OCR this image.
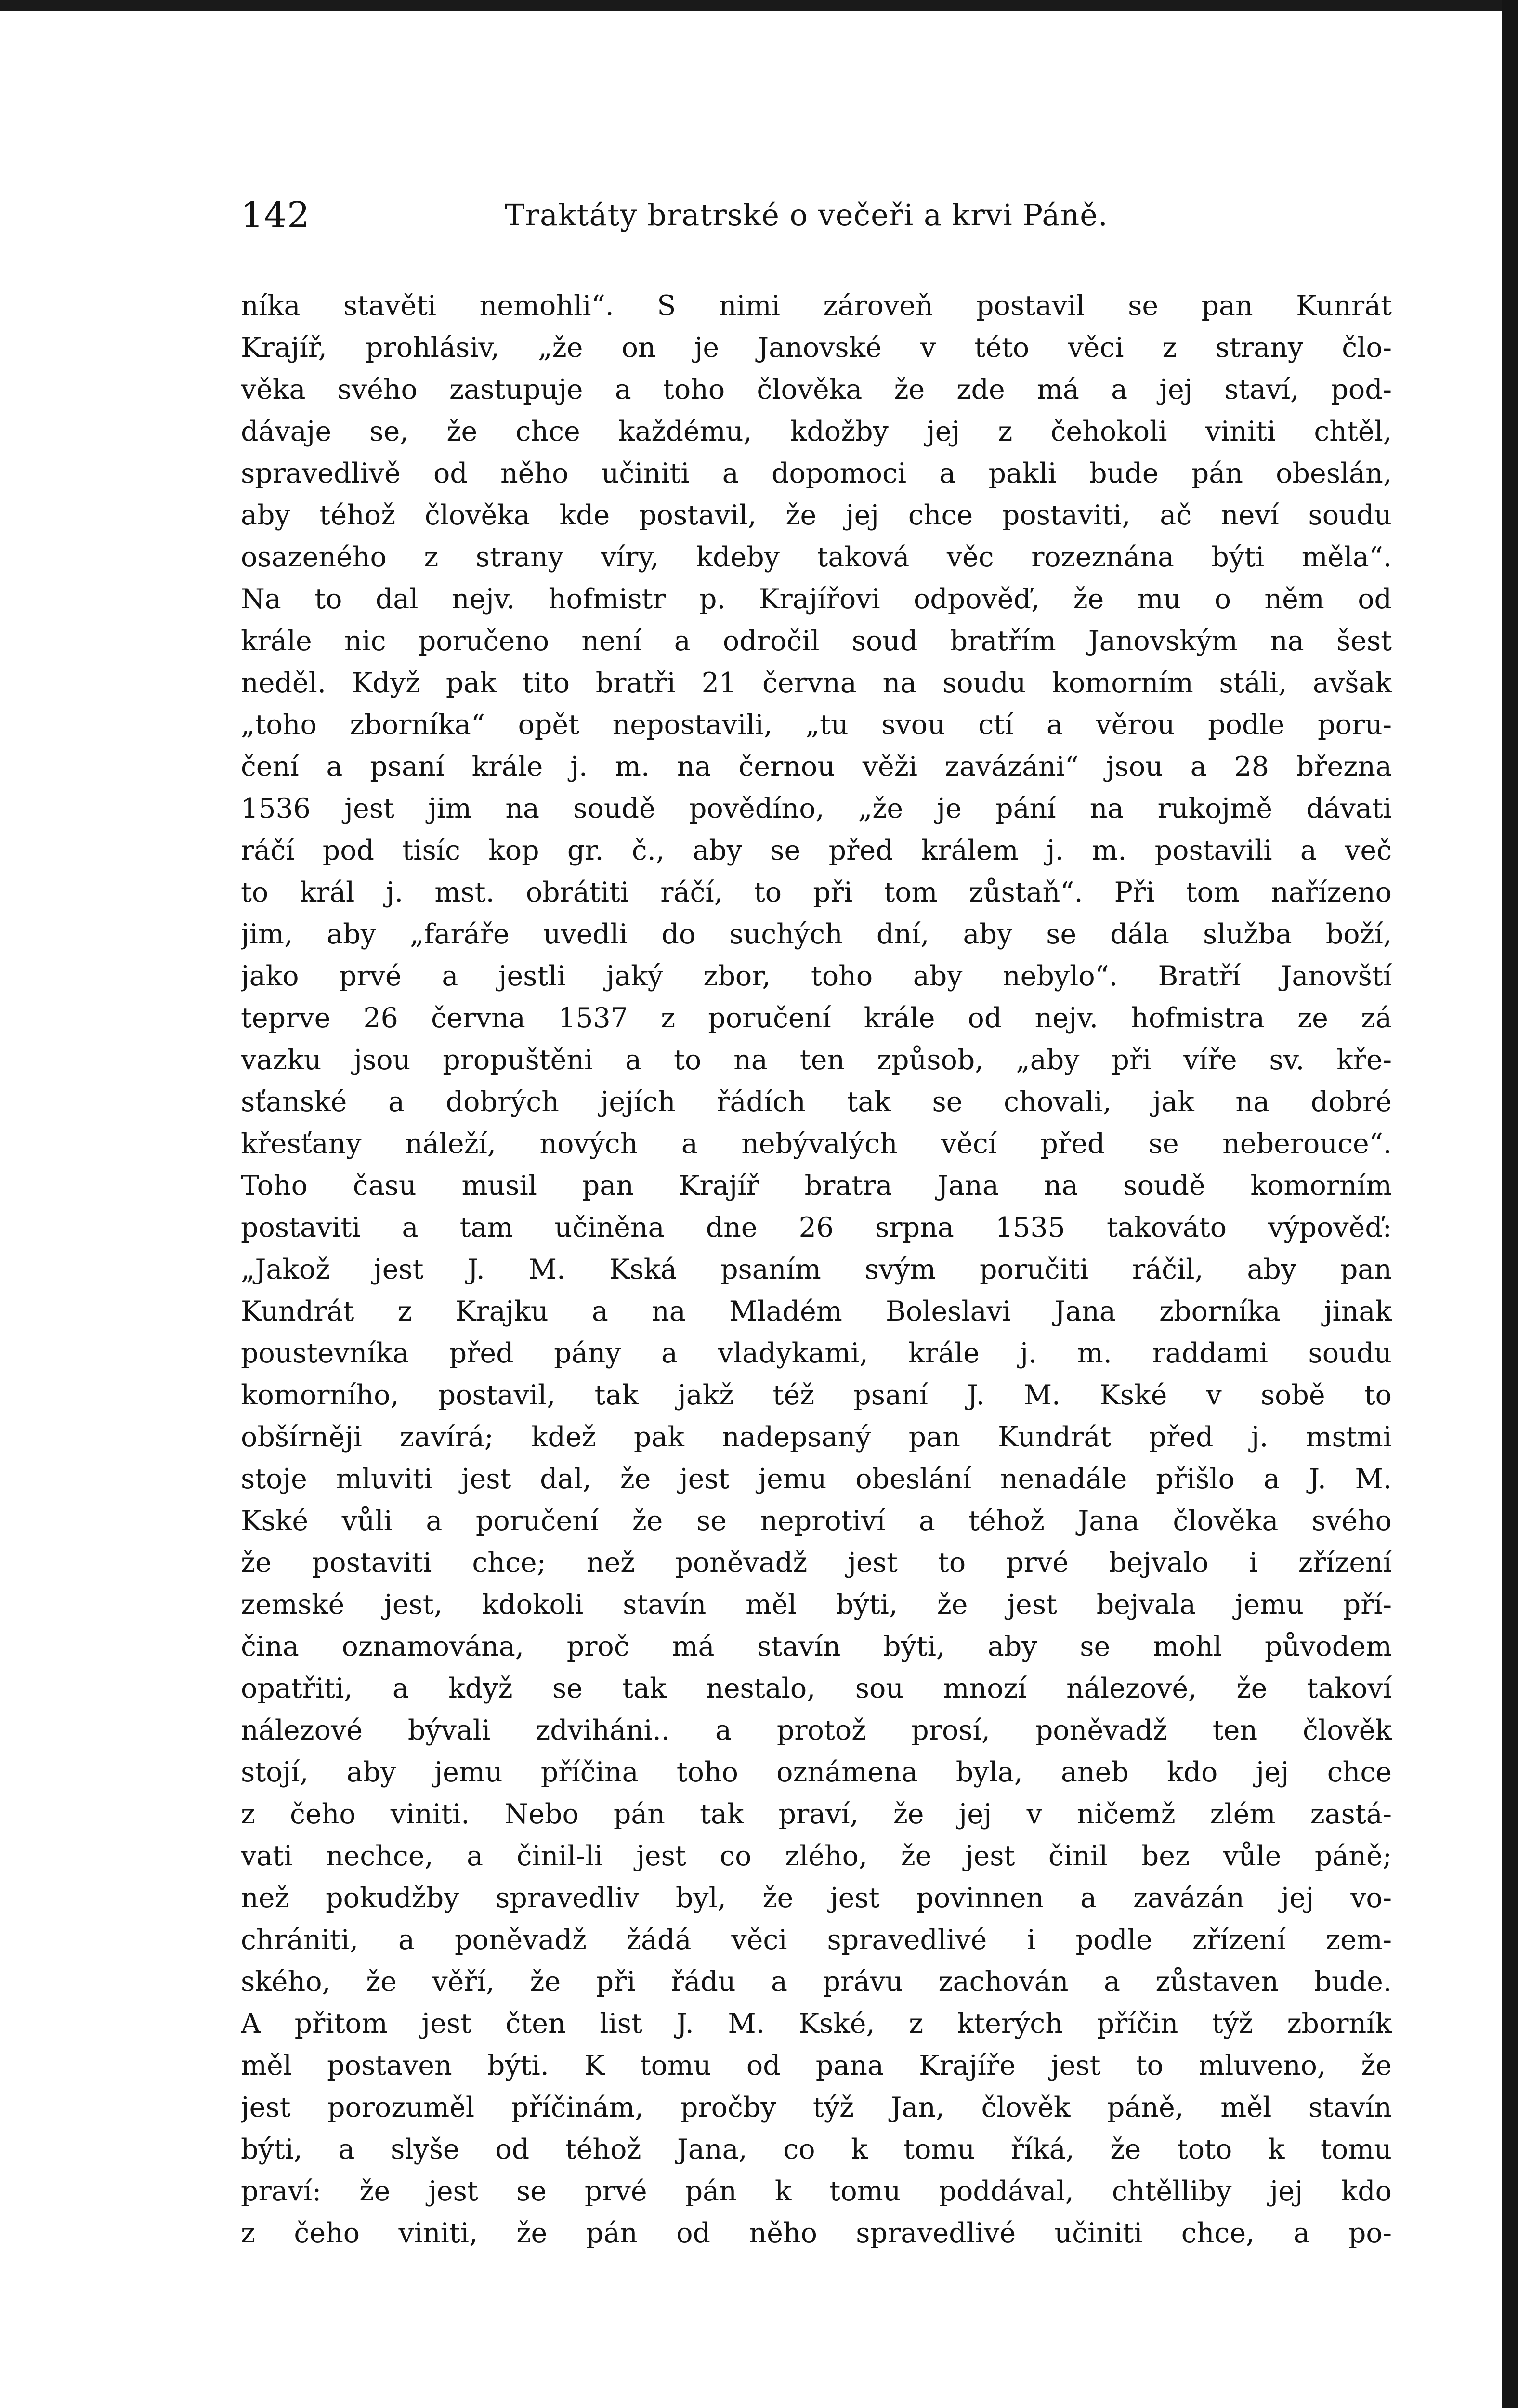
142	Traktáty bratrské o večeři a krvi Páně.
níka stavěti nemohli“. S nimi zároveň postavil se pan Kunrát
Krajíř, prohlásiv, „že on je Janovské v této věci z strany člo-
věka svého zastupuje a toho člověka že zde má a jej staví, pod-
dávaje se, že chce každému, kdožby jej z čehokoli viniti chtěl,
spravedlivě od něho učiniti a dopomoci a pakli bude pán obeslán,
aby téhož člověka kde postavil, že jej chce postaviti, ač neví soudu
osazeného z strany víry, kdeby taková věc rozeznána býti měla“.
Na to dal nejv. hofmistr p. Krajířovi odpověď, že mu o něm od
krále nic poručeno není a odročil soud bratřím Janovským na šest
neděl. Když pak tito bratři 21 června na soudu komorním stáli, avšak
„toho zborníka“ opět nepostavili, „tu svou ctí a věrou podle poru-
čení a psaní krále j. m. na černou věži zavázáni“ jsou a 28 března
1536 jest jim na soudě povědíno, „že je pání na rukojmě dávati
ráčí pod tisíc kop gr. č., aby se před králem j. m. postavili a več
to král j. mst. obrátiti ráčí, to při tom zůstaň“. Při tom nařízeno
jim, aby „faráře uvedli do suchých dní, aby se dála služba boží,
jako prvé a jestli jaký zbor, toho aby nebylo“. Bratří Janovští
teprve 26 června 1537 z poručení krále od nejv. hofmistra ze zá
vazku jsou propuštěni a to na ten způsob, „aby při víře sv. kře-
sťanské a dobrých jejích řádích tak se chovali, jak na dobré
křesťany náleží, nových a nebývalých věcí před se neberouce“.
Toho času musil pan Krajíř bratra Jana na soudě komorním
postaviti a tam učiněna dne 26 srpna 1535 takováto výpověď:
„Jakož jest J. M. Kská psaním svým poručiti ráčil, aby pan
Kundrát z Krajku a na Mladém Boleslavi Jana zborníka jinak
poustevníka před pány a vladykami, krále j. m. raddami soudu
komorního, postavil, tak jakž též psaní J. M. Kské v sobě to
obšírněji zavírá; kdež pak nadepsaný pan Kundrát před j. mstmi
stoje mluviti jest dal, že jest jemu obeslání nenadále přišlo a J. M.
Kské vůli a poručení že se neprotiví a téhož Jana člověka svého
že postaviti chce; než poněvadž jest to prvé bejvalo i zřízení
zemské jest, kdokoli stavín měl býti, že jest bejvala jemu pří-
čina oznamována, proč má stavín býti, aby se mohl původem
opatřiti, a když se tak nestalo, sou mnozí nálezové, že takoví
nálezové bývali zdviháni.. a protož prosí, poněvadž ten člověk
stojí, aby jemu příčina toho oznámena byla, aneb kdo jej chce
z čeho viniti. Nebo pán tak praví, že jej v ničemž zlém zastá-
vati nechce, a činil-li jest co zlého, že jest činil bez vůle páně;
než pokudžby spravedliv byl, že jest povinnen a zavázán jej vo-
chrániti, a poněvadž žádá věci spravedlivé i podle zřízení zem-
ského, že věří, že při řádu a právu zachován a zůstaven bude.
A přitom jest čten list J. M. Kské, z kterých příčin týž zborník
měl postaven býti. K tomu od pana Krajíře jest to mluveno, že
jest porozuměl příčinám, pročby týž Jan, člověk páně, měl stavín
býti, a slyše od téhož Jana, co k tomu říká, že toto k tomu
praví: že jest se prvé pán k tomu poddával, chtělliby jej kdo
z čeho viniti, že pán od něho spravedlivé učiniti chce, a po-
